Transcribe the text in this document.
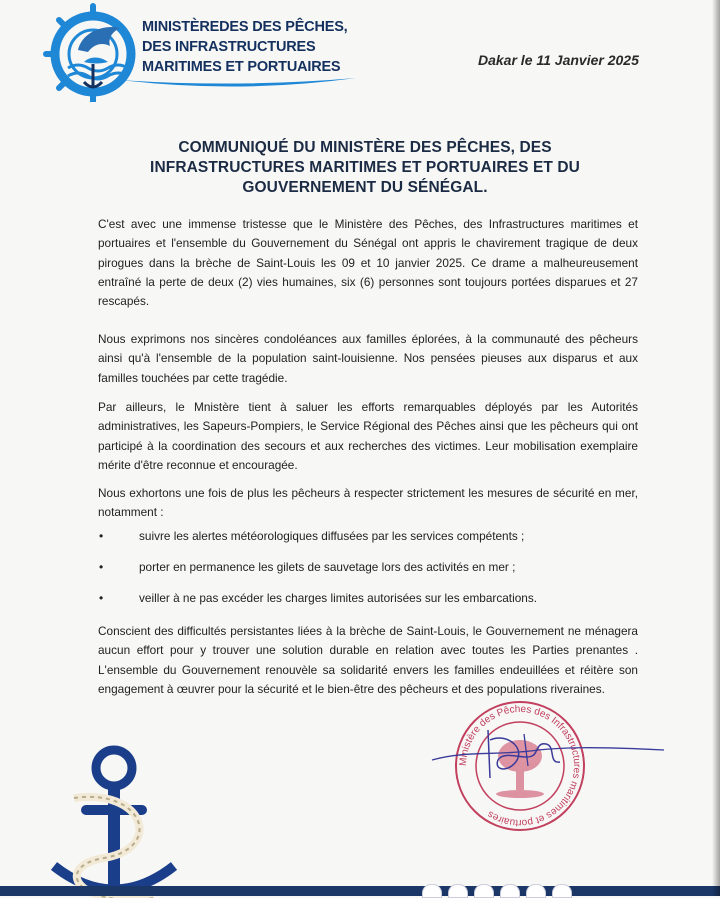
MINISTÈREDES DES PÊCHES,
DES INFRASTRUCTURES
MARITIMES ET PORTUAIRES	Dakar le 11 Janvier 2025
COMMUNIQUÉ DU MINISTÈRE DES PÊCHES, DES
INFRASTRUCTURES MARITIMES ET PORTUAIRES ET DU
GOUVERNEMENT DU SÉNÉGAL.
C'est avec une immense tristesse que le Ministère des Pêches, des Infrastructures maritimes et portuaires et l'ensemble du Gouvernement du Sénégal ont appris le chavirement tragique de deux pirogues dans la brèche de Saint-Louis les 09 et 10 janvier 2025. Ce drame a malheureusement entraîné la perte de deux (2) vies humaines, six (6) personnes sont toujours portées disparues et 27 rescapés.
Nous exprimons nos sincères condoléances aux familles éplorées, à la communauté des pêcheurs ainsi qu'à l'ensemble de la population saint-louisienne. Nos pensées pieuses aux disparus et aux familles touchées par cette tragédie.
Par ailleurs, le Mnistère tient à saluer les efforts remarquables déployés par les Autorités administratives, les Sapeurs-Pompiers, le Service Régional des Pêches ainsi que les pêcheurs qui ont participé à la coordination des secours et aux recherches des victimes. Leur mobilisation exemplaire mérite d'être reconnue et encouragée.
Nous exhortons une fois de plus les pêcheurs à respecter strictement les mesures de sécurité en mer, notamment :
•	suivre les alertes météorologiques diffusées par les services compétents ;
•	porter en permanence les gilets de sauvetage lors des activités en mer ;
•	veiller à ne pas excéder les charges limites autorisées sur les embarcations.
Conscient des difficultés persistantes liées à la brèche de Saint-Louis, le Gouvernement ne ménagera aucun effort pour y trouver une solution durable en relation avec toutes les Parties prenantes . L'ensemble du Gouvernement renouvèle sa solidarité envers les familles endeuillées et réitère son engagement à œuvrer pour la sécurité et le bien-être des pêcheurs et des populations riveraines.
Ministère des Pêches des Infrastructures maritimes et portuaires
